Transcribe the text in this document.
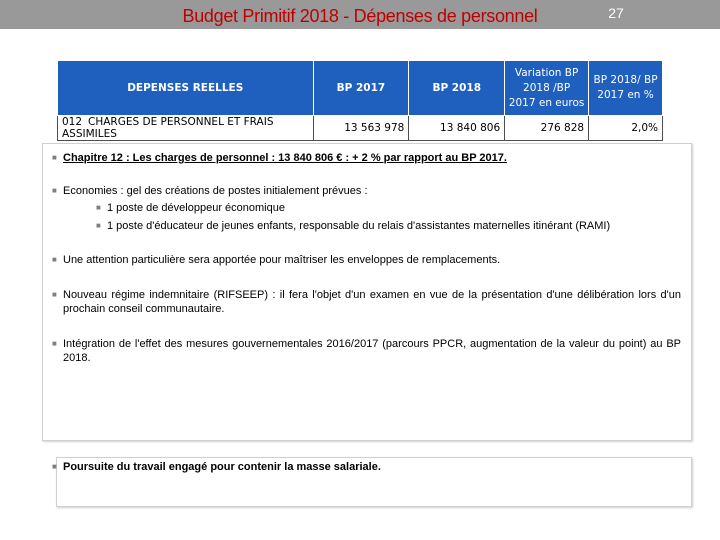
Budget Primitif 2018 - Dépenses de personnel	27
DEPENSES REELLES	BP 2017	BP 2018	Variation BP 2018 /BP 2017 en euros	BP 2018/ BP 2017 en %
012 CHARGES DE PERSONNEL ET FRAIS ASSIMILES	13 563 978	13 840 806	276 828	2,0%
■ Chapitre 12 : Les charges de personnel : 13 840 806 € : + 2 % par rapport au BP 2017.
■ Economies : gel des créations de postes initialement prévues :
■ 1 poste de développeur économique
■ 1 poste d'éducateur de jeunes enfants, responsable du relais d'assistantes maternelles itinérant (RAMI)
■ Une attention particulière sera apportée pour maîtriser les enveloppes de remplacements.
■ Nouveau régime indemnitaire (RIFSEEP) : il fera l'objet d'un examen en vue de la présentation d'une délibération lors d'un prochain conseil communautaire.
■ Intégration de l'effet des mesures gouvernementales 2016/2017 (parcours PPCR, augmentation de la valeur du point) au BP 2018.
■ Poursuite du travail engagé pour contenir la masse salariale.
